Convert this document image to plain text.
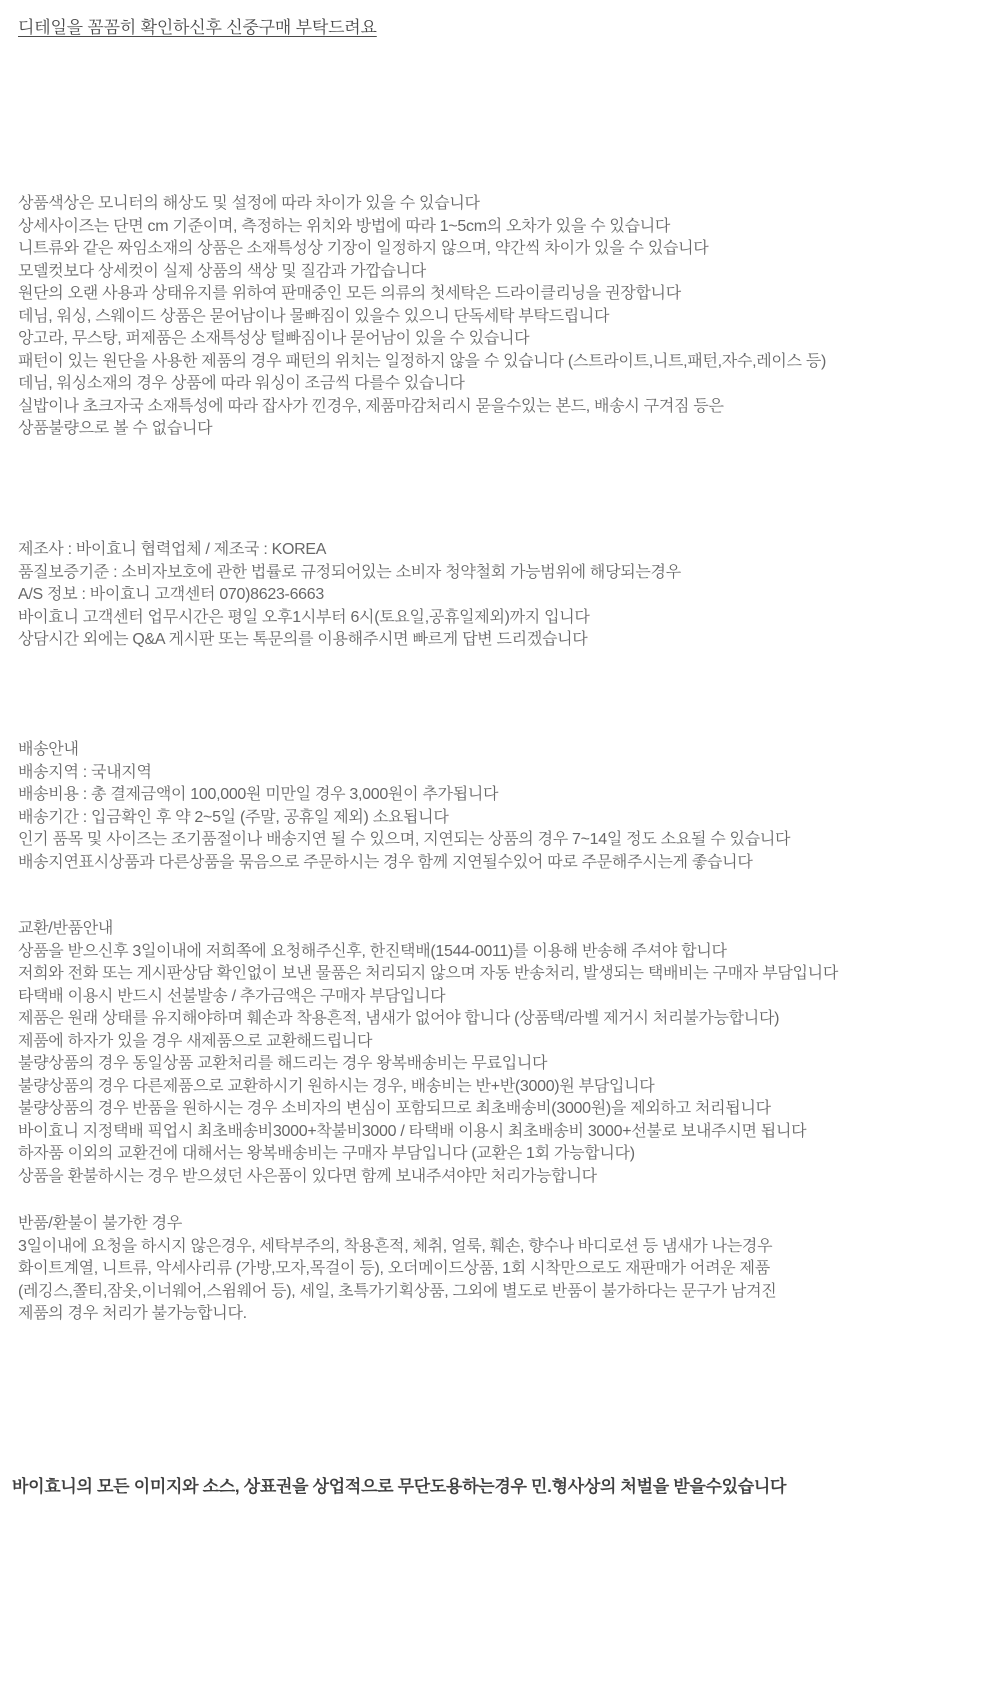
디테일을 꼼꼼히 확인하신후 신중구매 부탁드려요
상품색상은 모니터의 해상도 및 설정에 따라 차이가 있을 수 있습니다
상세사이즈는 단면 cm 기준이며, 측정하는 위치와 방법에 따라 1~5cm의 오차가 있을 수 있습니다
니트류와 같은 짜임소재의 상품은 소재특성상 기장이 일정하지 않으며, 약간씩 차이가 있을 수 있습니다
모델컷보다 상세컷이 실제 상품의 색상 및 질감과 가깝습니다
원단의 오랜 사용과 상태유지를 위하여 판매중인 모든 의류의 첫세탁은 드라이클리닝을 권장합니다
데님, 워싱, 스웨이드 상품은 묻어남이나 물빠짐이 있을수 있으니 단독세탁 부탁드립니다
앙고라, 무스탕, 퍼제품은 소재특성상 털빠짐이나 묻어남이 있을 수 있습니다
패턴이 있는 원단을 사용한 제품의 경우 패턴의 위치는 일정하지 않을 수 있습니다 (스트라이트,니트,패턴,자수,레이스 등)
데님, 워싱소재의 경우 상품에 따라 워싱이 조금씩 다를수 있습니다
실밥이나 초크자국 소재특성에 따라 잡사가 낀경우, 제품마감처리시 묻을수있는 본드, 배송시 구겨짐 등은
상품불량으로 볼 수 없습니다
제조사 : 바이효니 협력업체 / 제조국 : KOREA
품질보증기준 : 소비자보호에 관한 법률로 규정되어있는 소비자 청약철회 가능범위에 해당되는경우
A/S 정보 : 바이효니 고객센터 070)8623-6663
바이효니 고객센터 업무시간은 평일 오후1시부터 6시(토요일,공휴일제외)까지 입니다
상담시간 외에는 Q&A 게시판 또는 톡문의를 이용해주시면 빠르게 답변 드리겠습니다
배송안내
배송지역 : 국내지역
배송비용 : 총 결제금액이 100,000원 미만일 경우 3,000원이 추가됩니다
배송기간 : 입금확인 후 약 2~5일 (주말, 공휴일 제외) 소요됩니다
인기 품목 및 사이즈는 조기품절이나 배송지연 될 수 있으며, 지연되는 상품의 경우 7~14일 정도 소요될 수 있습니다
배송지연표시상품과 다른상품을 묶음으로 주문하시는 경우 함께 지연될수있어 따로 주문해주시는게 좋습니다
교환/반품안내
상품을 받으신후 3일이내에 저희쪽에 요청해주신후, 한진택배(1544-0011)를 이용해 반송해 주셔야 합니다
저희와 전화 또는 게시판상담 확인없이 보낸 물품은 처리되지 않으며 자동 반송처리, 발생되는 택배비는 구매자 부담입니다
타택배 이용시 반드시 선불발송 / 추가금액은 구매자 부담입니다
제품은 원래 상태를 유지해야하며 훼손과 착용흔적, 냄새가 없어야 합니다 (상품택/라벨 제거시 처리불가능합니다)
제품에 하자가 있을 경우 새제품으로 교환해드립니다
불량상품의 경우 동일상품 교환처리를 해드리는 경우 왕복배송비는 무료입니다
불량상품의 경우 다른제품으로 교환하시기 원하시는 경우, 배송비는 반+반(3000)원 부담입니다
불량상품의 경우 반품을 원하시는 경우 소비자의 변심이 포함되므로 최초배송비(3000원)을 제외하고 처리됩니다
바이효니 지정택배 픽업시 최초배송비3000+착불비3000 / 타택배 이용시 최초배송비 3000+선불로 보내주시면 됩니다
하자품 이외의 교환건에 대해서는 왕복배송비는 구매자 부담입니다 (교환은 1회 가능합니다)
상품을 환불하시는 경우 받으셨던 사은품이 있다면 함께 보내주셔야만 처리가능합니다
반품/환불이 불가한 경우
3일이내에 요청을 하시지 않은경우, 세탁부주의, 착용흔적, 체취, 얼룩, 훼손, 향수나 바디로션 등 냄새가 나는경우
화이트계열, 니트류, 악세사리류 (가방,모자,목걸이 등), 오더메이드상품, 1회 시착만으로도 재판매가 어려운 제품
(레깅스,쫄티,잠옷,이너웨어,스윔웨어 등), 세일, 초특가기획상품, 그외에 별도로 반품이 불가하다는 문구가 남겨진
제품의 경우 처리가 불가능합니다.
바이효니의 모든 이미지와 소스, 상표권을 상업적으로 무단도용하는경우 민.형사상의 처벌을 받을수있습니다
